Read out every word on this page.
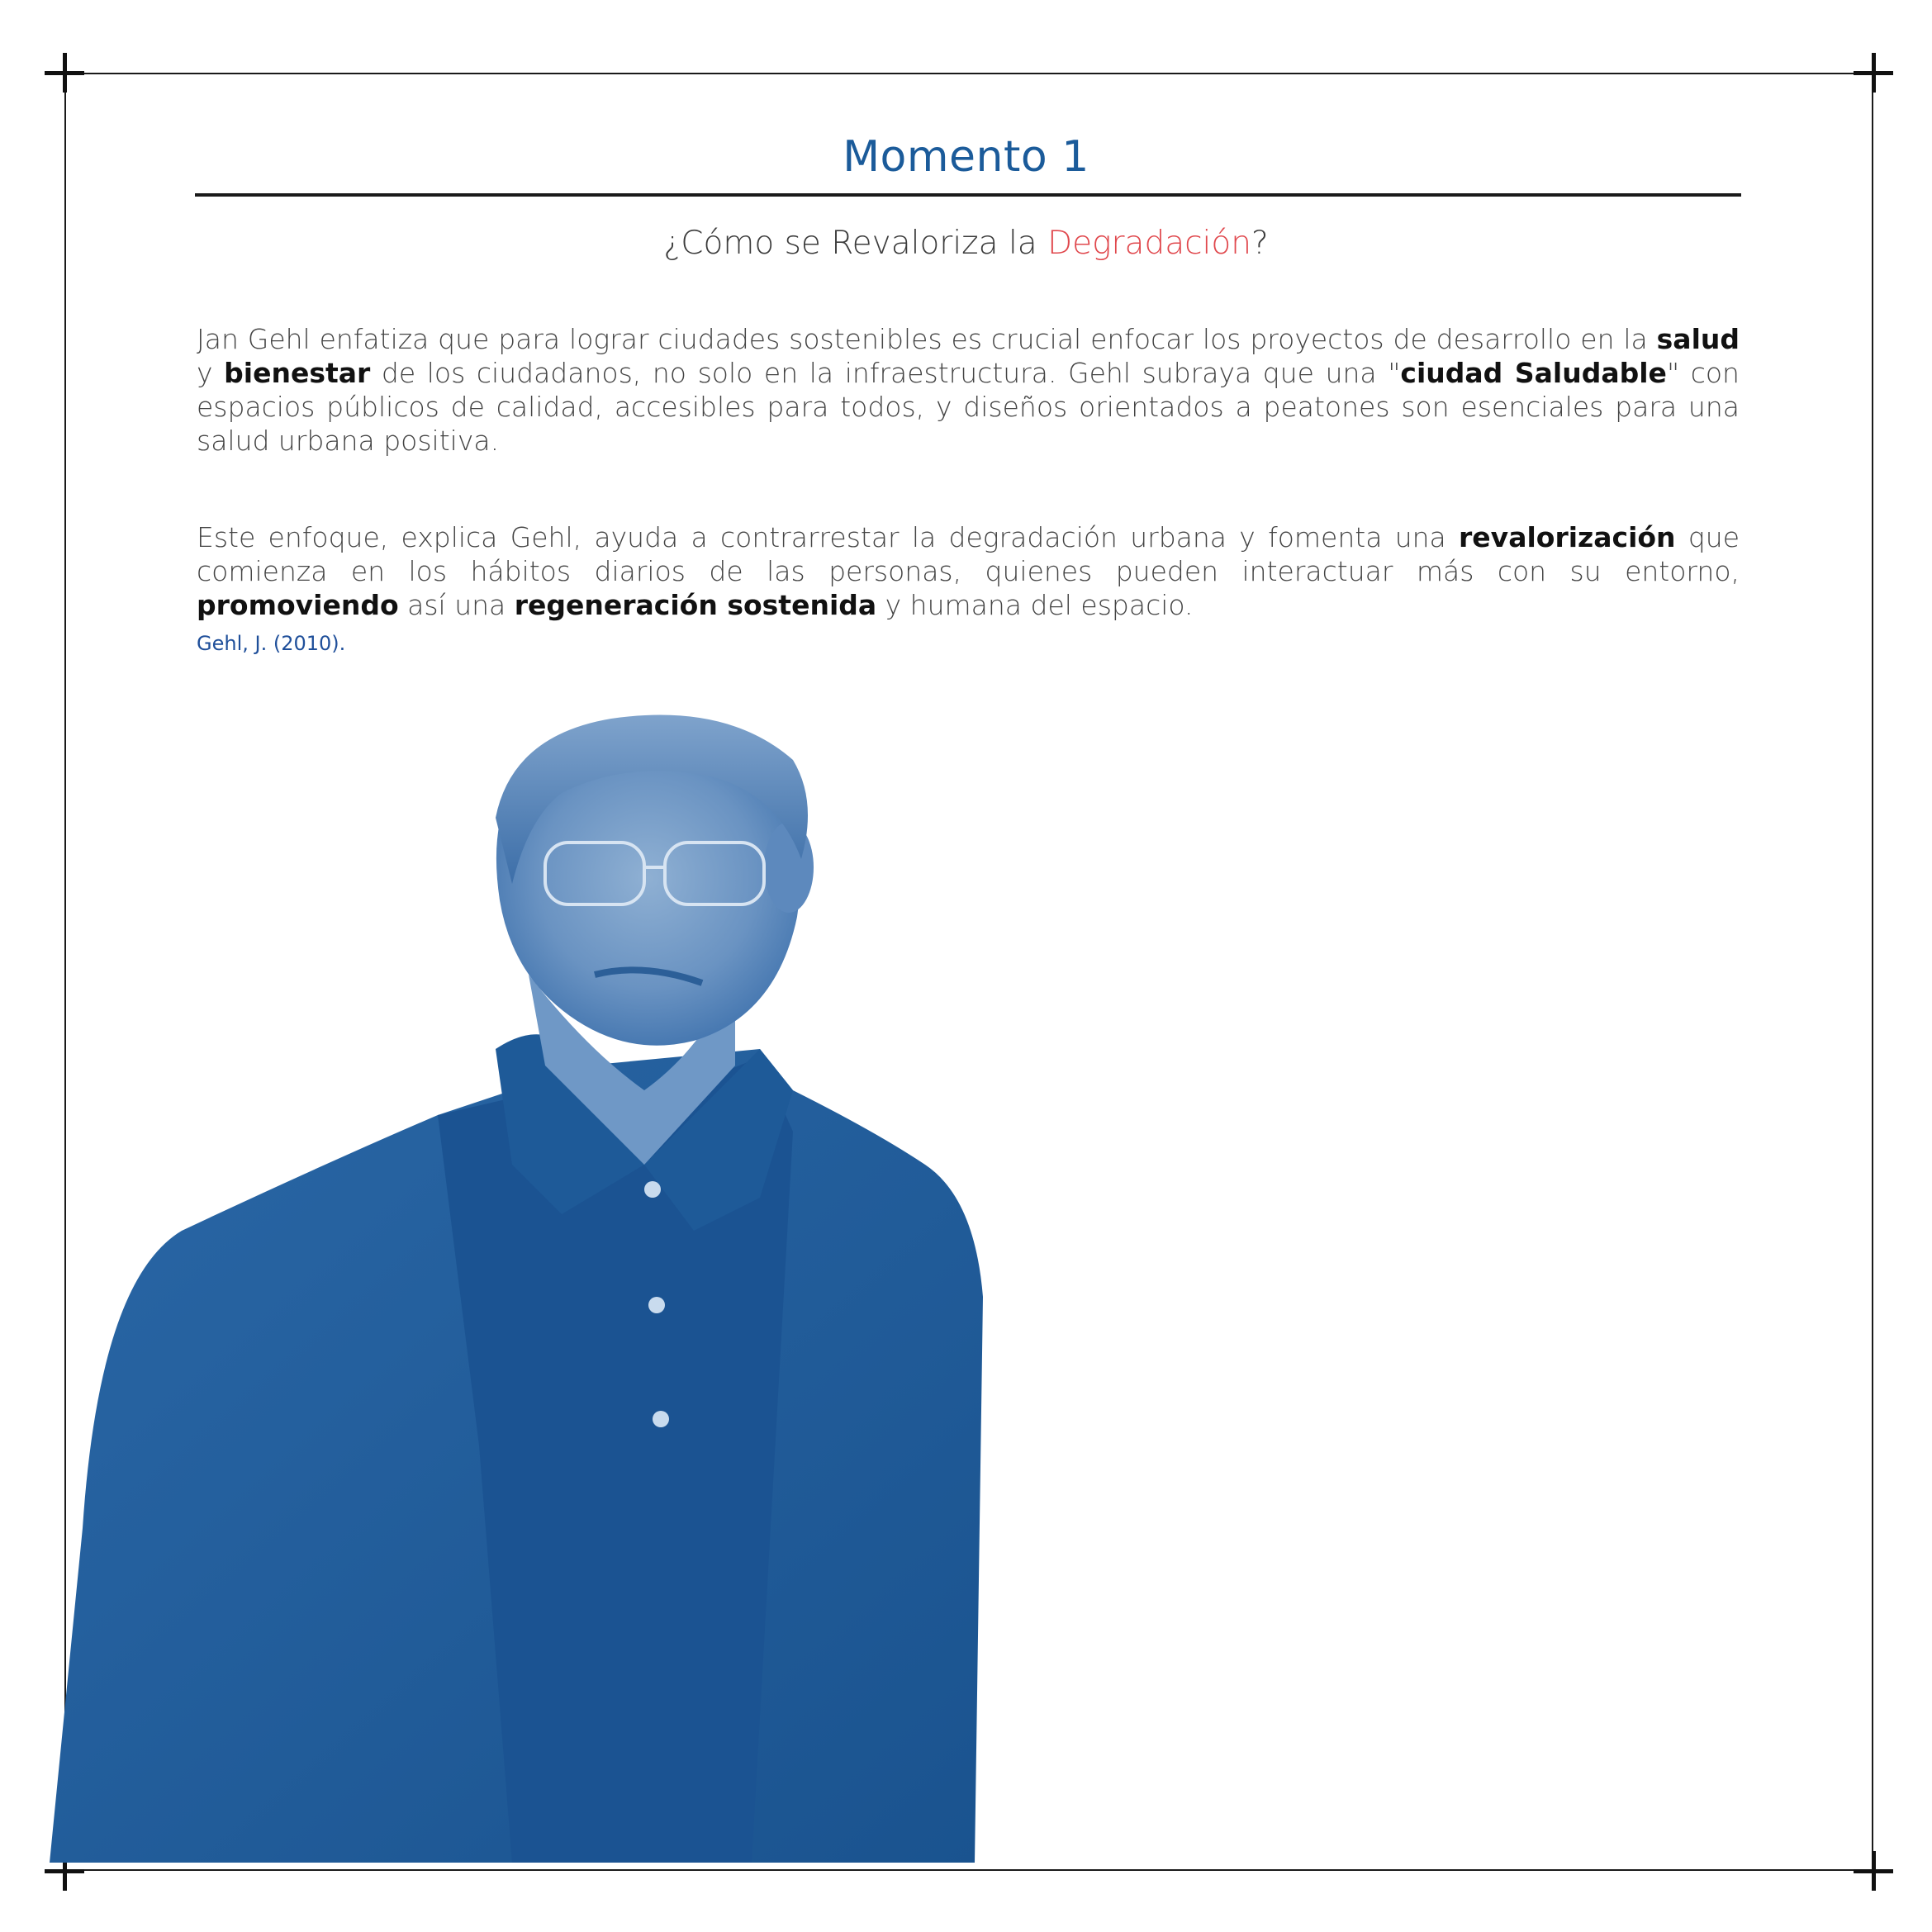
Momento 1
¿Cómo se Revaloriza la Degradación?

Jan Gehl enfatiza que para lograr ciudades sostenibles es crucial enfocar los proyectos de desarrollo en la salud y bienestar de los ciudadanos, no solo en la infraestructura. Gehl subraya que una "ciudad Saludable" con espacios públicos de calidad, accesibles para todos, y diseños orientados a peatones son esenciales para una salud urbana positiva.

Este enfoque, explica Gehl, ayuda a contrarrestar la degradación urbana y fomenta una revalorización que comienza en los hábitos diarios de las personas, quienes pueden interactuar más con su entorno, promoviendo así una regeneración sostenida y humana del espacio.

Gehl, J. (2010).
